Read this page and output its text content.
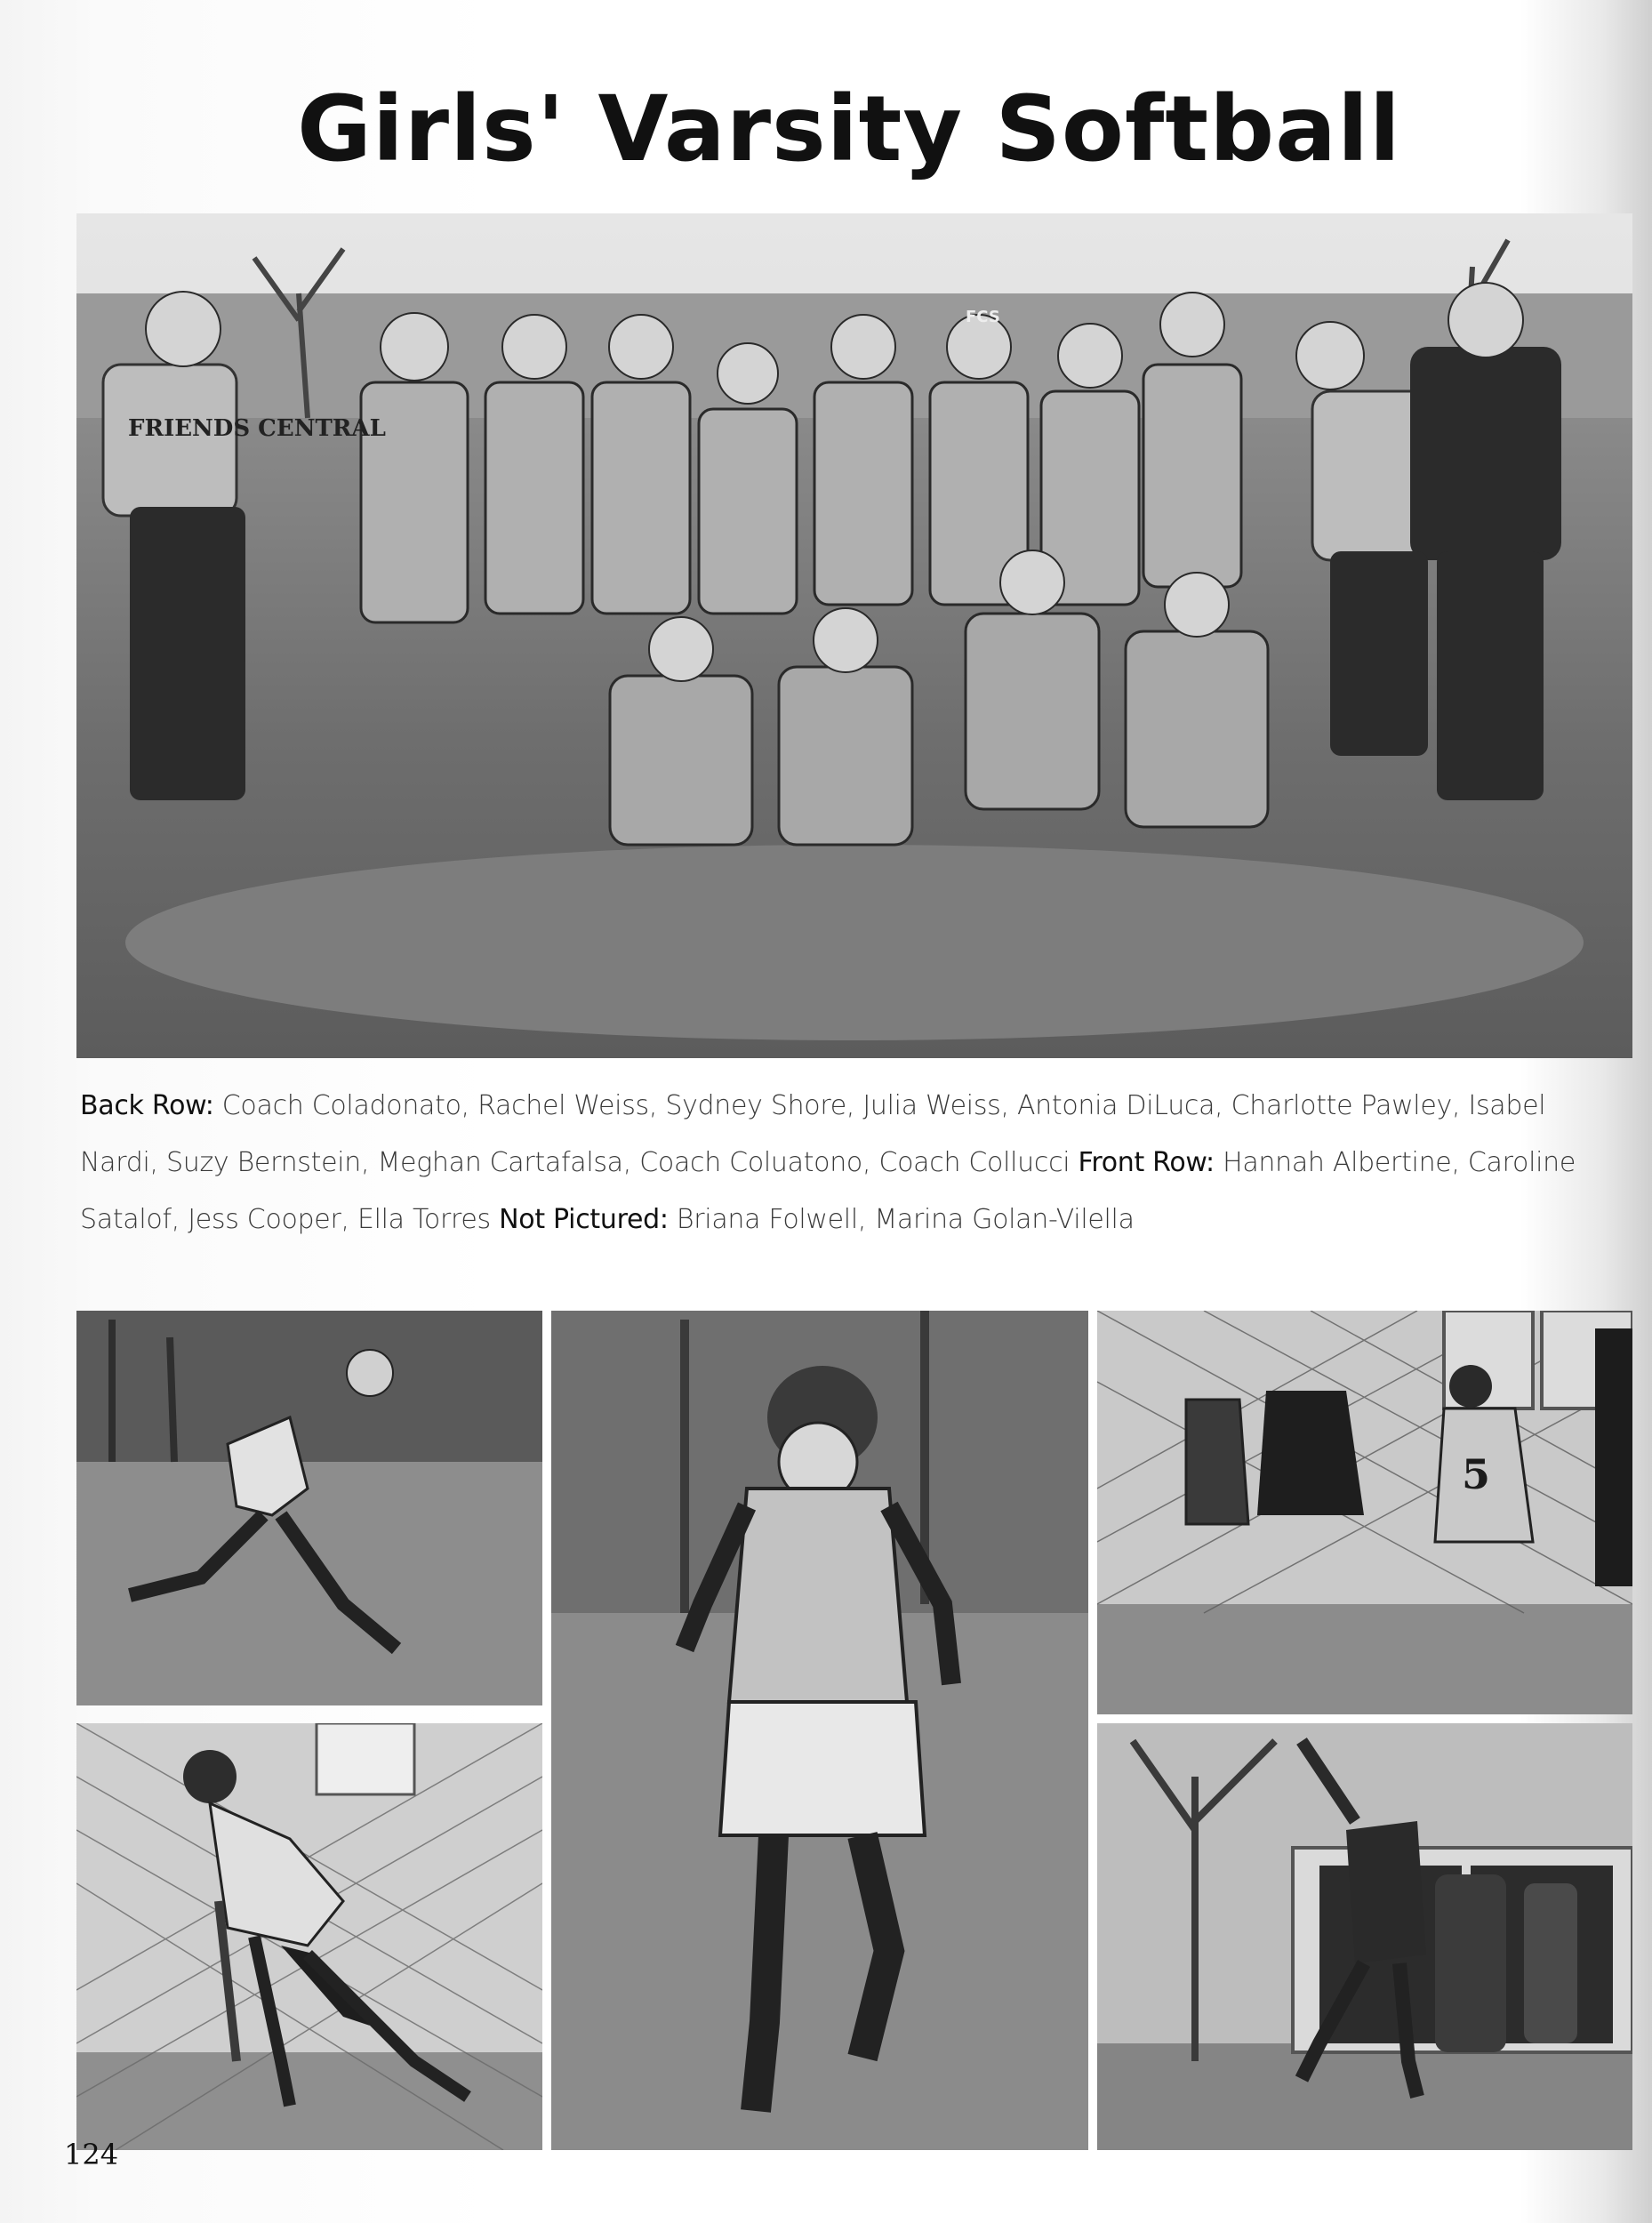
Girls' Varsity Softball
FRIENDS CENTRAL
FCS
Back Row: Coach Coladonato, Rachel Weiss, Sydney Shore, Julia Weiss, Antonia DiLuca, Charlotte Pawley, Isabel Nardi, Suzy Bernstein, Meghan Cartafalsa, Coach Coluatono, Coach Collucci Front Row: Hannah Albertine, Caroline Satalof, Jess Cooper, Ella Torres Not Pictured: Briana Folwell, Marina Golan-Vilella
5
124
